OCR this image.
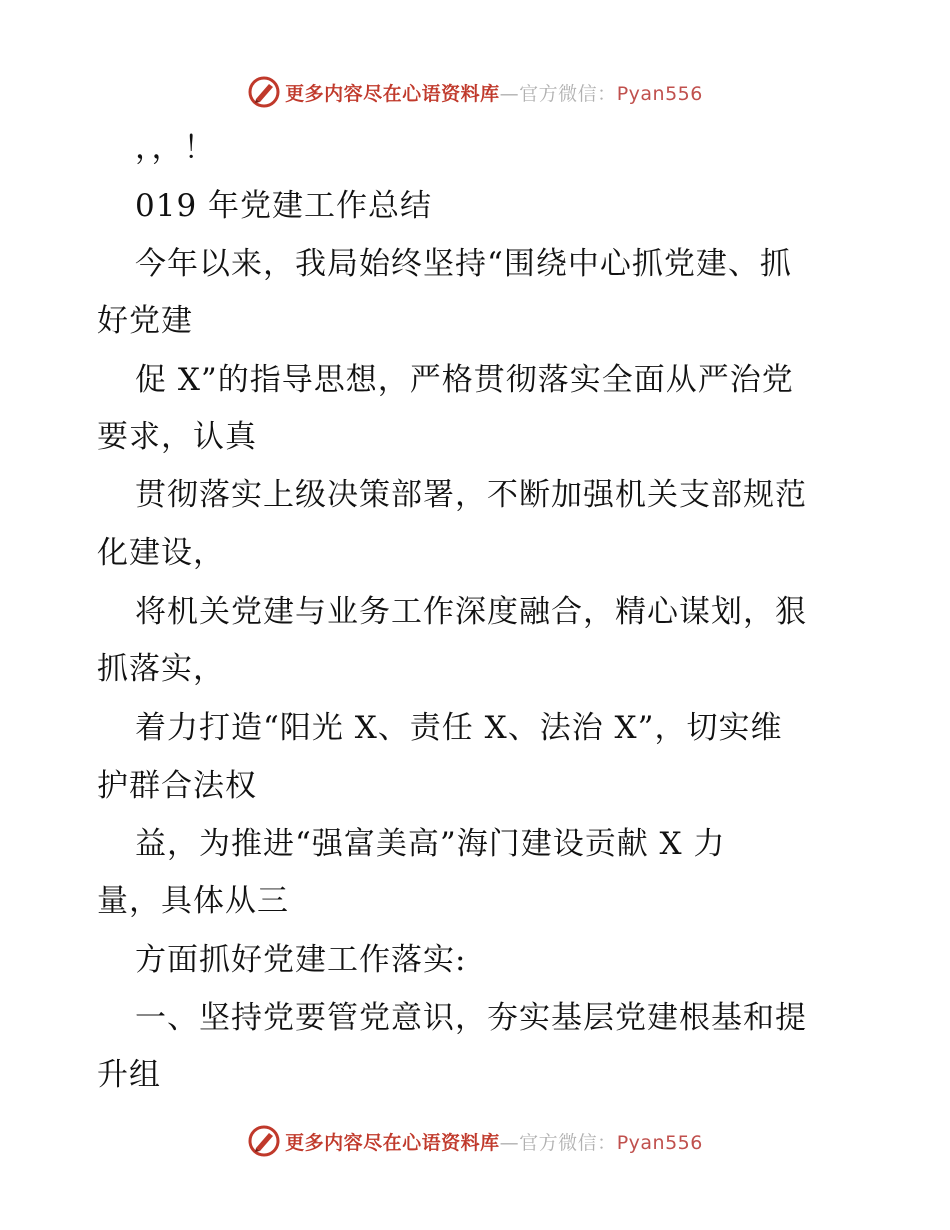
更多内容尽在心语资料库—官方微信：Pyan556
，，！
019 年党建工作总结
今年以来，我局始终坚持“围绕中心抓党建、抓
好党建
促 X”的指导思想，严格贯彻落实全面从严治党
要求，认真
贯彻落实上级决策部署，不断加强机关支部规范
化建设，
将机关党建与业务工作深度融合，精心谋划，狠
抓落实，
着力打造“阳光 X、责任 X、法治 X”，切实维
护群合法权
益，为推进“强富美高”海门建设贡献 X 力
量，具体从三
方面抓好党建工作落实:
一、坚持党要管党意识，夯实基层党建根基和提
升组
更多内容尽在心语资料库—官方微信：Pyan556
